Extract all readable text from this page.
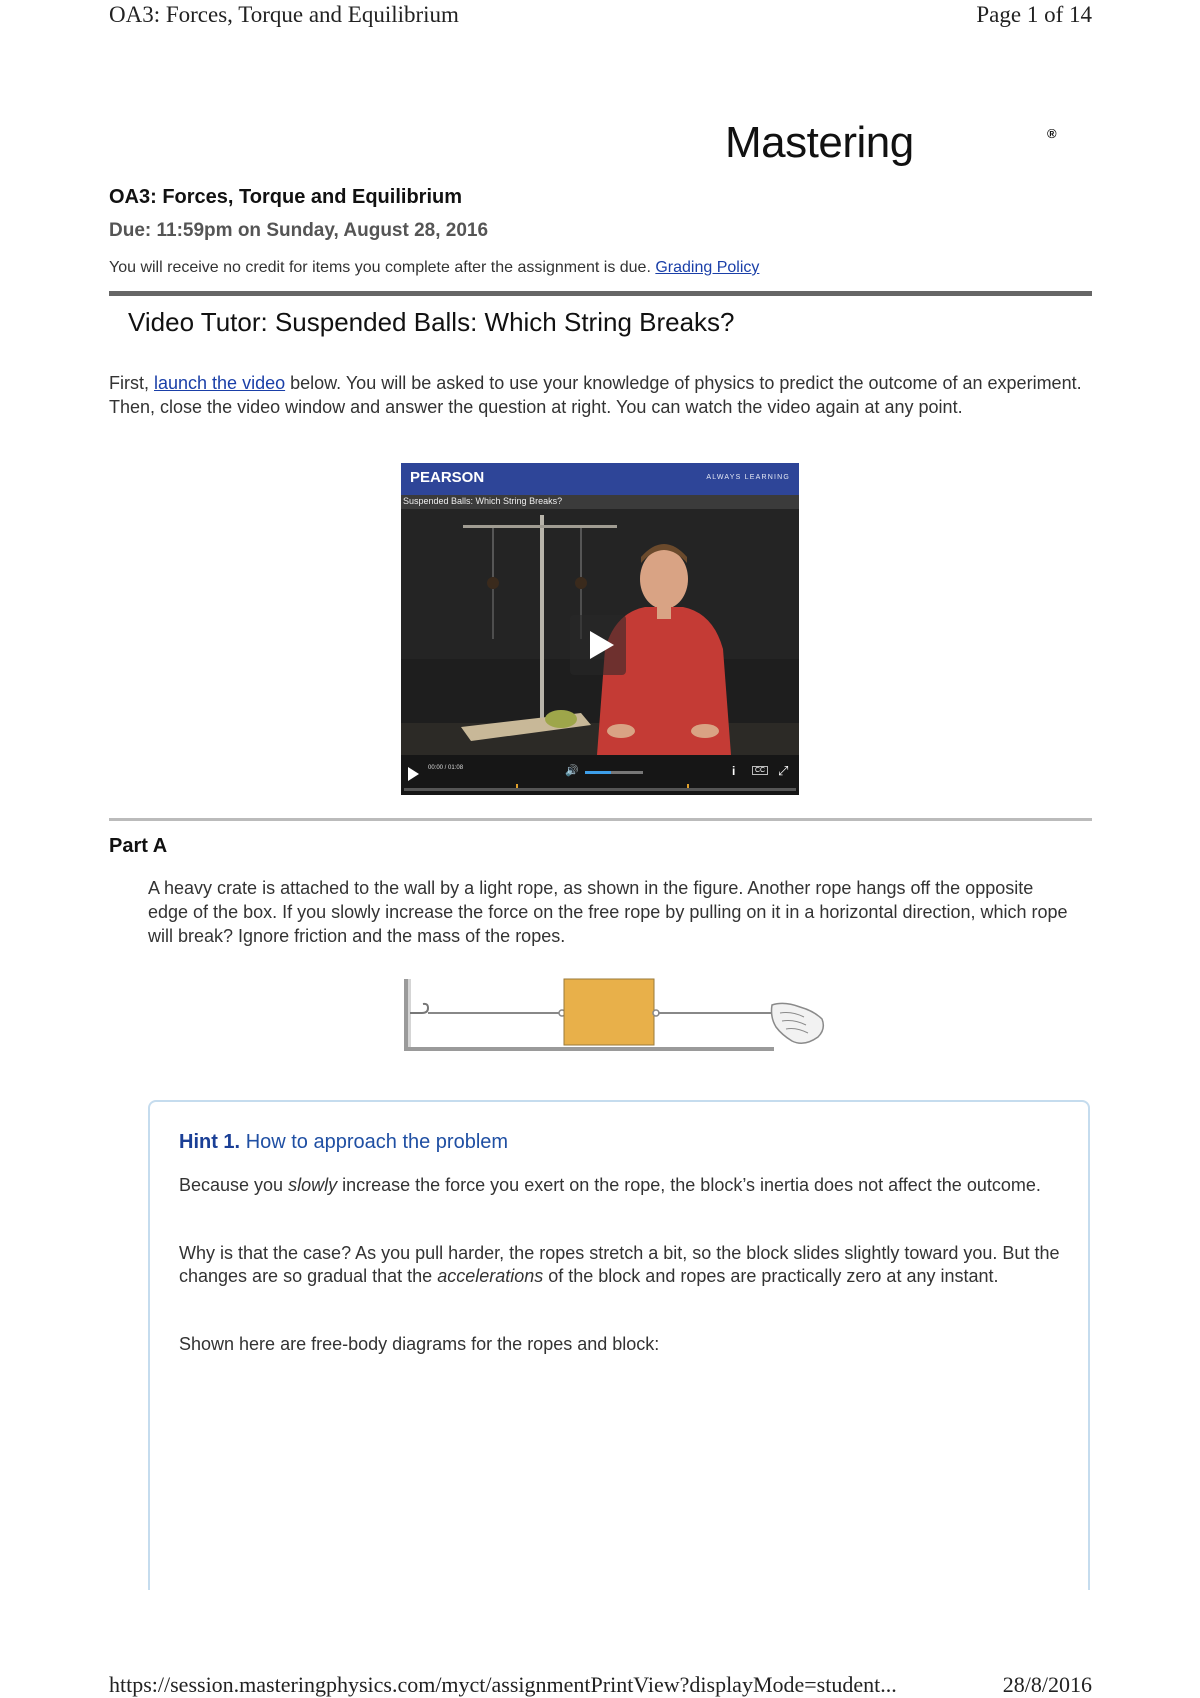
OA3: Forces, Torque and Equilibrium	Page 1 of 14
Mastering	®
OA3: Forces, Torque and Equilibrium
Due: 11:59pm on Sunday, August 28, 2016
You will receive no credit for items you complete after the assignment is due. Grading Policy
Video Tutor: Suspended Balls: Which String Breaks?
First, launch the video below. You will be asked to use your knowledge of physics to predict the outcome of an experiment. Then, close the video window and answer the question at right. You can watch the video again at any point.
PEARSON	ALWAYS LEARNING
Suspended Balls: Which String Breaks?
00:00 / 01:08	🔊	i	CC ⤢
Part A
A heavy crate is attached to the wall by a light rope, as shown in the figure. Another rope hangs off the opposite edge of the box. If you slowly increase the force on the free rope by pulling on it in a horizontal direction, which rope will break? Ignore friction and the mass of the ropes.
Hint 1. How to approach the problem
Because you slowly increase the force you exert on the rope, the block’s inertia does not affect the outcome.
Why is that the case? As you pull harder, the ropes stretch a bit, so the block slides slightly toward you. But the changes are so gradual that the accelerations of the block and ropes are practically zero at any instant.
Shown here are free-body diagrams for the ropes and block:
https://session.masteringphysics.com/myct/assignmentPrintView?displayMode=student...	28/8/2016
